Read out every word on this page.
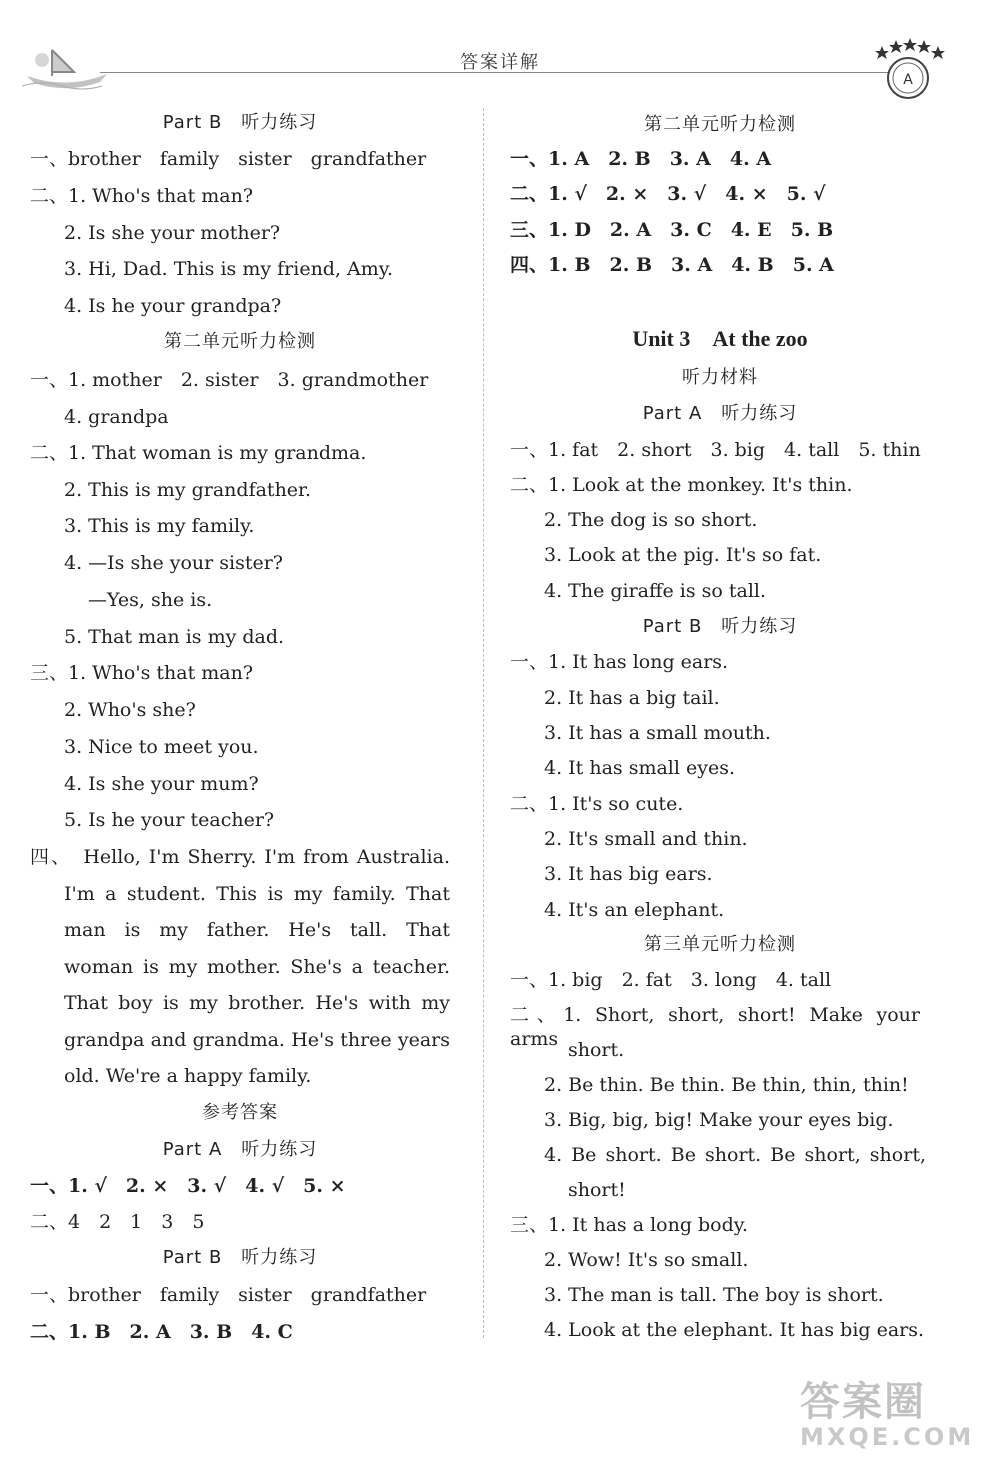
答案详解
A
Part B　听力练习
一、brother　family　sister　grandfather
二、1. Who's that man?
2. Is she your mother?
3. Hi, Dad. This is my friend, Amy.
4. Is he your grandpa?
第二单元听力检测
一、1. mother　2. sister　3. grandmother
4. grandpa
二、1. That woman is my grandma.
2. This is my grandfather.
3. This is my family.
4. —Is she your sister?
—Yes, she is.
5. That man is my dad.
三、1. Who's that man?
2. Who's she?
3. Nice to meet you.
4. Is she your mum?
5. Is he your teacher?
四、　Hello, I'm Sherry. I'm from Australia.
I'm a student. This is my family. That
man is my father. He's tall. That
woman is my mother. She's a teacher.
That boy is my brother. He's with my
grandpa and grandma. He's three years
old. We're a happy family.
参考答案
Part A　听力练习
一、1. √　2. ×　3. √　4. √　5. ×
二、4　2　1　3　5
Part B　听力练习
一、brother　family　sister　grandfather
二、1. B　2. A　3. B　4. C
第二单元听力检测
一、1. A　2. B　3. A　4. A
二、1. √　2. ×　3. √　4. ×　5. √
三、1. D　2. A　3. C　4. E　5. B
四、1. B　2. B　3. A　4. B　5. A
Unit 3　At the zoo
听力材料
Part A　听力练习
一、1. fat　2. short　3. big　4. tall　5. thin
二、1. Look at the monkey. It's thin.
2. The dog is so short.
3. Look at the pig. It's so fat.
4. The giraffe is so tall.
Part B　听力练习
一、1. It has long ears.
2. It has a big tail.
3. It has a small mouth.
4. It has small eyes.
二、1. It's so cute.
2. It's small and thin.
3. It has big ears.
4. It's an elephant.
第三单元听力检测
一、1. big　2. fat　3. long　4. tall
二、1. Short, short, short! Make your arms short.
2. Be thin. Be thin. Be thin, thin, thin!
3. Big, big, big! Make your eyes big.
4. Be short. Be short. Be short, short,
short!
三、1. It has a long body.
2. Wow! It's so small.
3. The man is tall. The boy is short.
4. Look at the elephant. It has big ears.
答案圈
MXQE.COM
